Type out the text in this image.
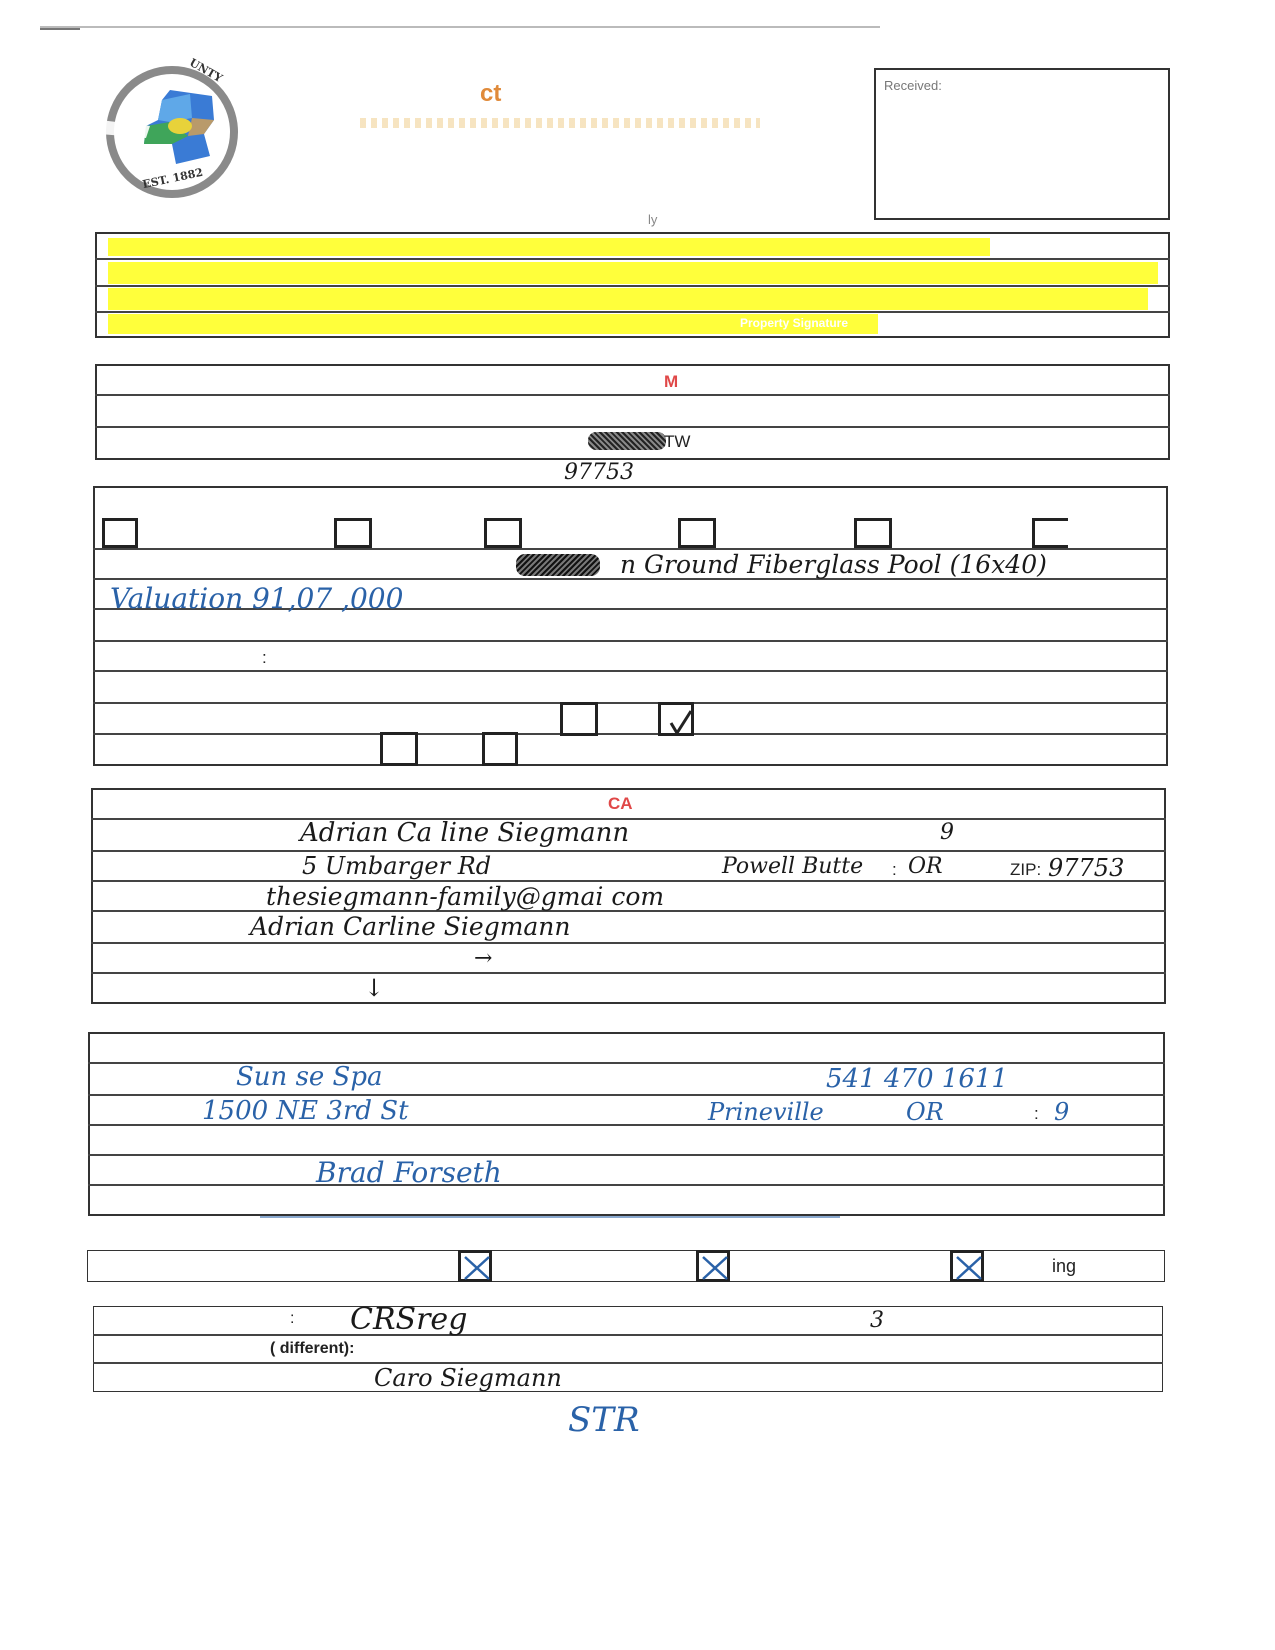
UNTY
EST. 1882
ct	Received:
ly
Property Signature
M
TW
97753
n Ground Fiberglass Pool (16x40)
Valuation 91,07 ,000
:
CA
Adrian Ca line Siegmann	9
5 Umbarger Rd	Powell Butte : OR	ZIP: 97753
thesiegmann-family@gmai com
Adrian Carline Siegmann
→
↓
Sun se Spa	541 470 1611
1500 NE 3rd St	Prineville	OR	: 9
Brad Forseth
ing
: CRSreg	3
( different):
Caro Siegmann
STR
